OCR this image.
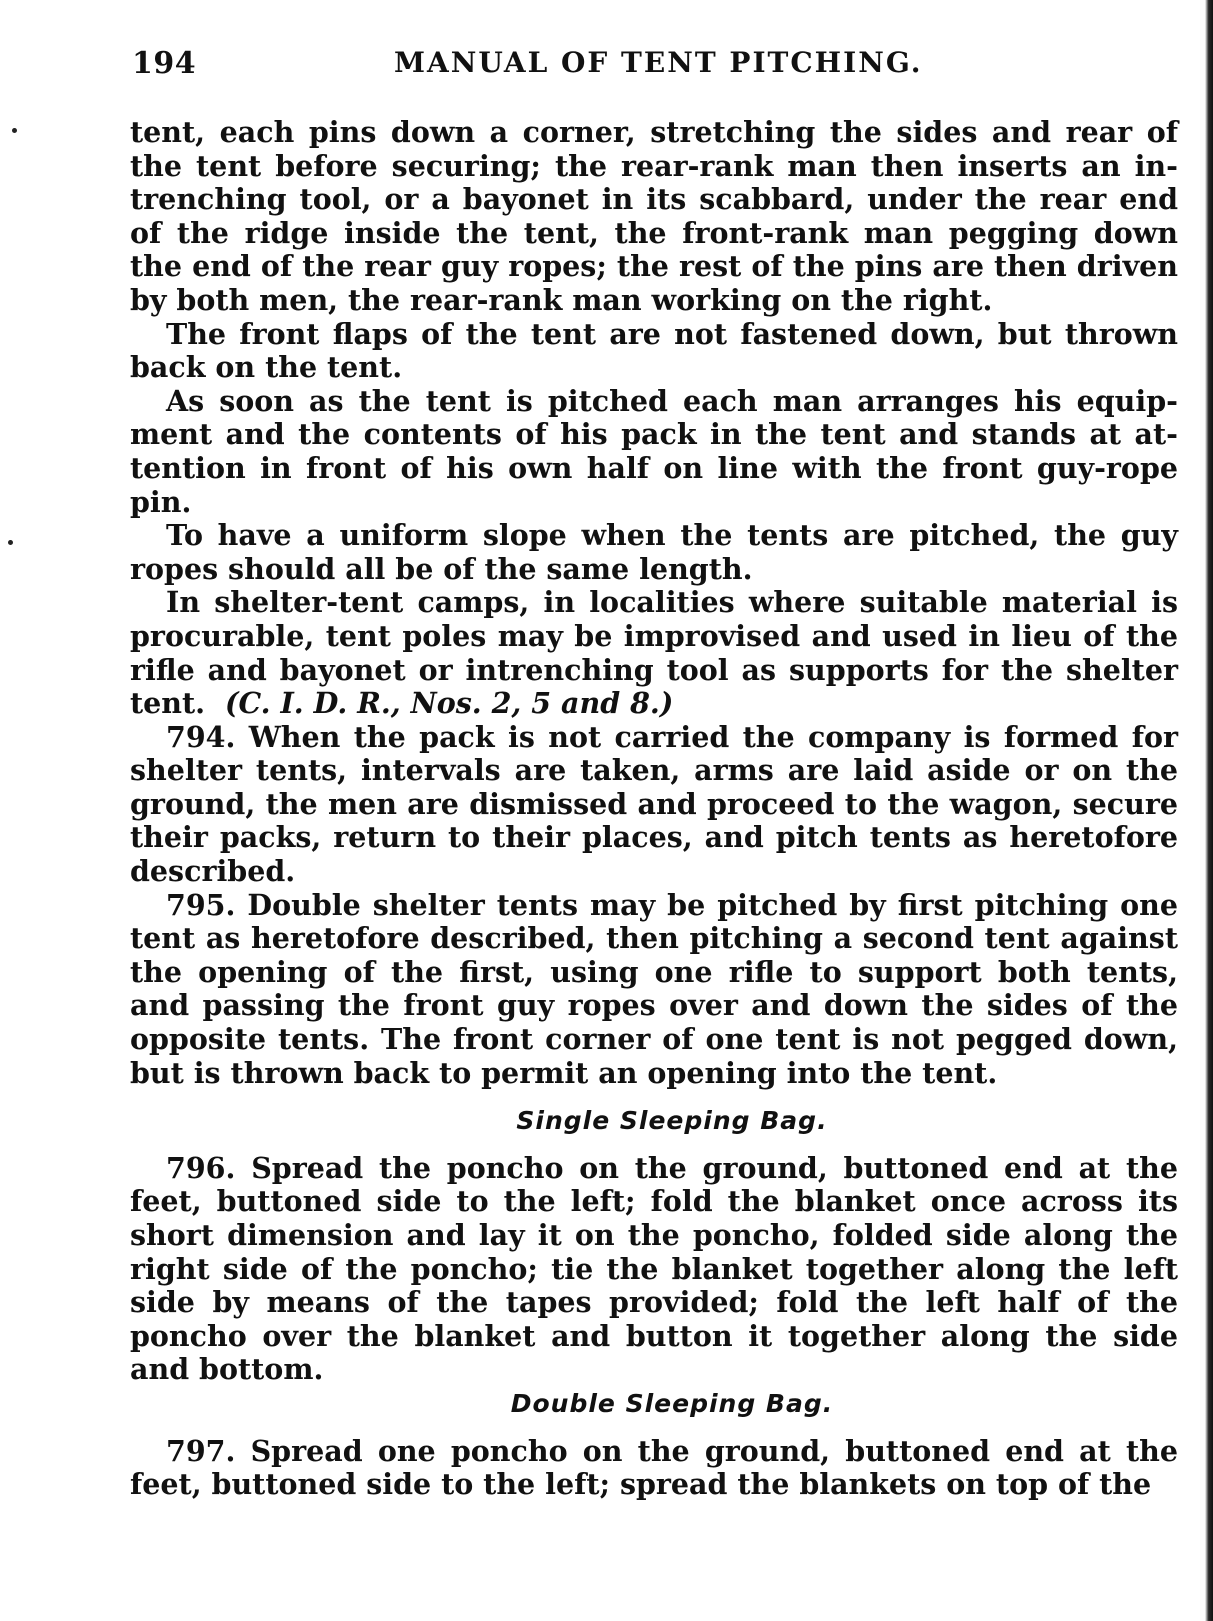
194	MANUAL OF TENT PITCHING.

tent, each pins down a corner, stretching the sides and rear of the tent before securing; the rear-rank man then inserts an intrenching tool, or a bayonet in its scabbard, under the rear end of the ridge inside the tent, the front-rank man pegging down the end of the rear guy ropes; the rest of the pins are then driven by both men, the rear-rank man working on the right.

The front flaps of the tent are not fastened down, but thrown back on the tent.

As soon as the tent is pitched each man arranges his equipment and the contents of his pack in the tent and stands at attention in front of his own half on line with the front guy-rope pin.

To have a uniform slope when the tents are pitched, the guy ropes should all be of the same length.

In shelter-tent camps, in localities where suitable material is procurable, tent poles may be improvised and used in lieu of the rifle and bayonet or intrenching tool as supports for the shelter tent. (C. I. D. R., Nos. 2, 5 and 8.)

794. When the pack is not carried the company is formed for shelter tents, intervals are taken, arms are laid aside or on the ground, the men are dismissed and proceed to the wagon, secure their packs, return to their places, and pitch tents as heretofore described.

795. Double shelter tents may be pitched by first pitching one tent as heretofore described, then pitching a second tent against the opening of the first, using one rifle to support both tents, and passing the front guy ropes over and down the sides of the opposite tents. The front corner of one tent is not pegged down, but is thrown back to permit an opening into the tent.

Single Sleeping Bag.

796. Spread the poncho on the ground, buttoned end at the feet, buttoned side to the left; fold the blanket once across its short dimension and lay it on the poncho, folded side along the right side of the poncho; tie the blanket together along the left side by means of the tapes provided; fold the left half of the poncho over the blanket and button it together along the side and bottom.

Double Sleeping Bag.

797. Spread one poncho on the ground, buttoned end at the feet, buttoned side to the left; spread the blankets on top of the
